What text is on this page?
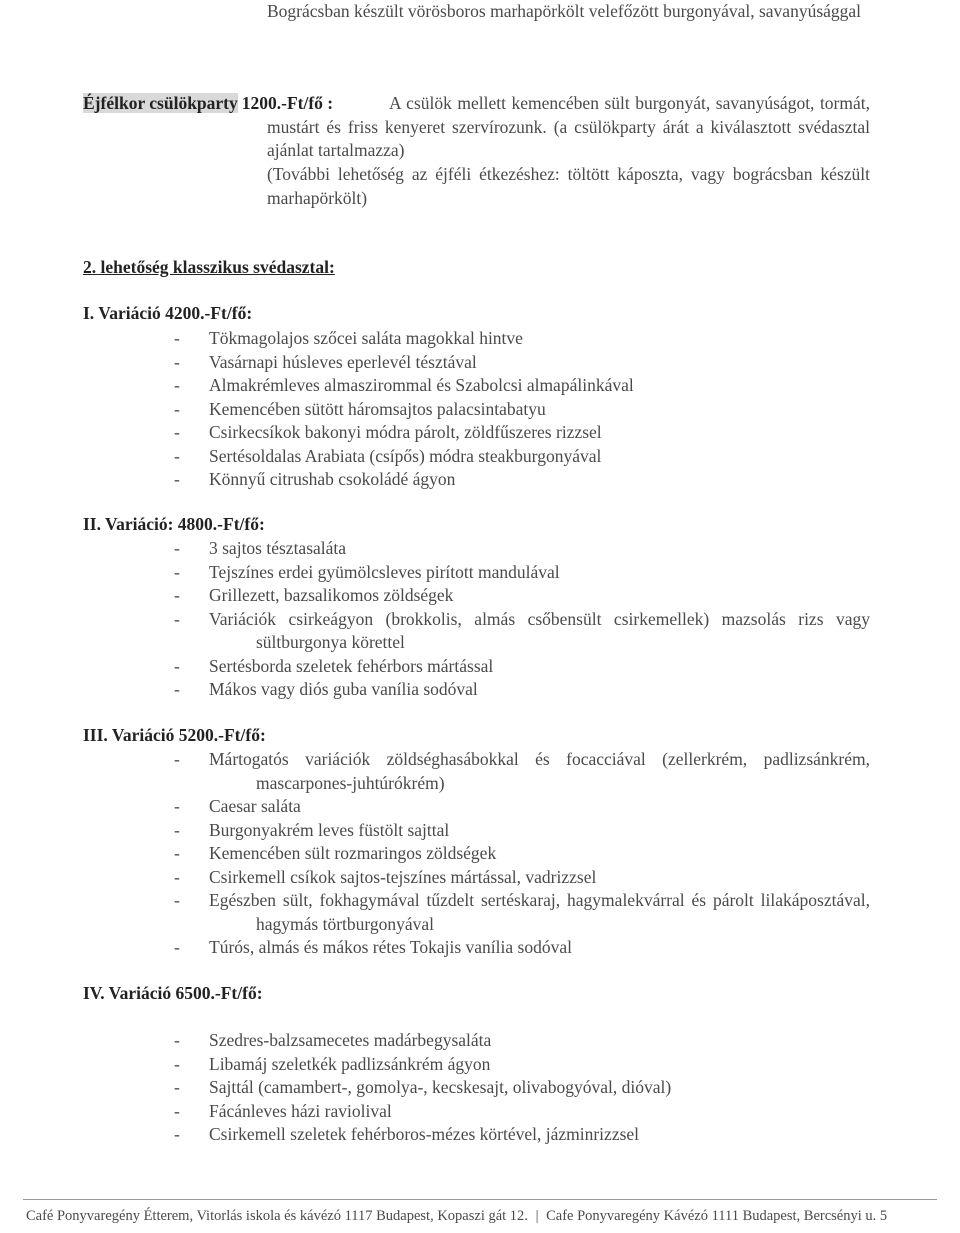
Bográcsban készült vörösboros marhapörkölt velefőzött burgonyával, savanyúsággal
Éjfélkor csülökparty 1200.-Ft/fő :	A csülök mellett kemencében sült burgonyát, savanyúságot, tormát, mustárt és friss kenyeret szervírozunk. (a csülökparty árát a kiválasztott svédasztal ajánlat tartalmazza)
(További lehetőség az éjféli étkezéshez: töltött káposzta, vagy bográcsban készült marhapörkölt)
2. lehetőség klasszikus svédasztal:
I. Variáció 4200.-Ft/fő:
- Tökmagolajos szőcei saláta magokkal hintve
- Vasárnapi húsleves eperlevél tésztával
- Almakrémleves almaszirommal és Szabolcsi almapálinkával
- Kemencében sütött háromsajtos palacsintabatyu
- Csirkecsíkok bakonyi módra párolt, zöldfűszeres rizzsel
- Sertésoldalas Arabiata (csípős) módra steakburgonyával
- Könnyű citrushab csokoládé ágyon
II. Variáció: 4800.-Ft/fő:
- 3 sajtos tésztasaláta
- Tejszínes erdei gyümölcsleves pirított mandulával
- Grillezett, bazsalikomos zöldségek
- Variációk csirkeágyon (brokkolis, almás csőbensült csirkemellek) mazsolás rizs vagy sültburgonya körettel
- Sertésborda szeletek fehérbors mártással
- Mákos vagy diós guba vanília sodóval
III. Variáció 5200.-Ft/fő:
- Mártogatós variációk zöldséghasábokkal és focacciával (zellerkrém, padlizsánkrém, mascarpones-juhtúrókrém)
- Caesar saláta
- Burgonyakrém leves füstölt sajttal
- Kemencében sült rozmaringos zöldségek
- Csirkemell csíkok sajtos-tejszínes mártással, vadrizzsel
- Egészben sült, fokhagymával tűzdelt sertéskaraj, hagymalekvárral és párolt lilakáposztával, hagymás törtburgonyával
- Túrós, almás és mákos rétes Tokajis vanília sodóval
IV. Variáció 6500.-Ft/fő:
- Szedres-balzsamecetes madárbegysaláta
- Libamáj szeletkék padlizsánkrém ágyon
- Sajttál (camambert-, gomolya-, kecskesajt, olivabogyóval, dióval)
- Fácánleves házi raviolival
- Csirkemell szeletek fehérboros-mézes körtével, jázminrizzsel
Café Ponyvaregény Étterem, Vitorlás iskola és kávézó 1117 Budapest, Kopaszi gát 12. | Cafe Ponyvaregény Kávézó 1111 Budapest, Bercsényi u. 5
